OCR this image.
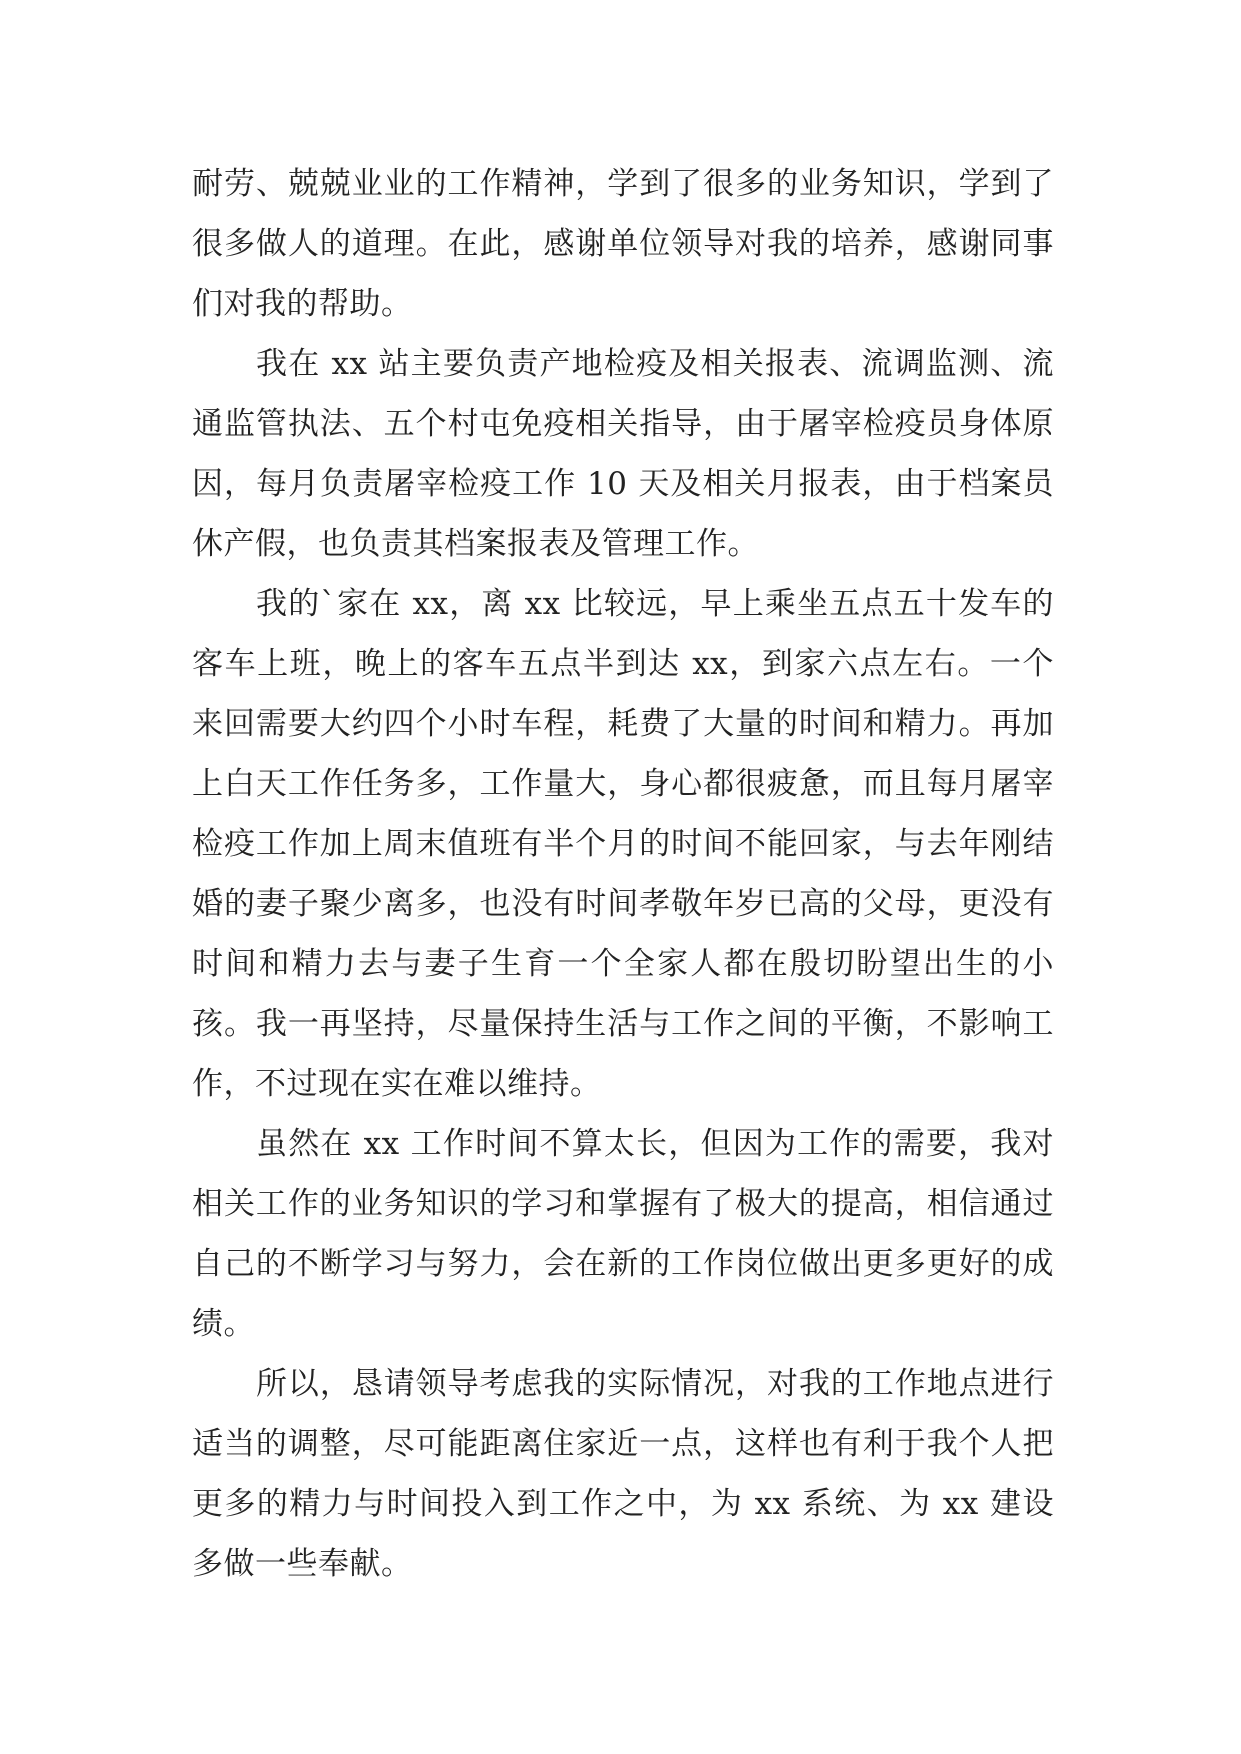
耐劳、兢兢业业的工作精神，学到了很多的业务知识，学到了很多做人的道理。在此，感谢单位领导对我的培养，感谢同事们对我的帮助。

我在 xx 站主要负责产地检疫及相关报表、流调监测、流通监管执法、五个村屯免疫相关指导，由于屠宰检疫员身体原因，每月负责屠宰检疫工作 10 天及相关月报表，由于档案员休产假，也负责其档案报表及管理工作。

我的`家在 xx，离 xx 比较远，早上乘坐五点五十发车的客车上班，晚上的客车五点半到达 xx，到家六点左右。一个来回需要大约四个小时车程，耗费了大量的时间和精力。再加上白天工作任务多，工作量大，身心都很疲惫，而且每月屠宰检疫工作加上周末值班有半个月的时间不能回家，与去年刚结婚的妻子聚少离多，也没有时间孝敬年岁已高的父母，更没有时间和精力去与妻子生育一个全家人都在殷切盼望出生的小孩。我一再坚持，尽量保持生活与工作之间的平衡，不影响工作，不过现在实在难以维持。

虽然在 xx 工作时间不算太长，但因为工作的需要，我对相关工作的业务知识的学习和掌握有了极大的提高，相信通过自己的不断学习与努力，会在新的工作岗位做出更多更好的成绩。

所以，恳请领导考虑我的实际情况，对我的工作地点进行适当的调整，尽可能距离住家近一点，这样也有利于我个人把更多的精力与时间投入到工作之中，为 xx 系统、为 xx 建设多做一些奉献。
